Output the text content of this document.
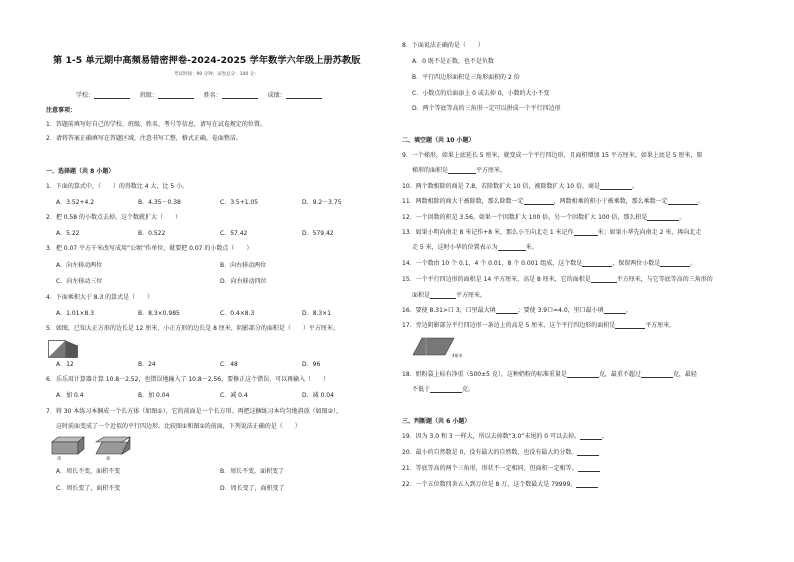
第 1-5 单元期中高频易错密押卷-2024-2025 学年数学六年级上册苏教版
考试时间：90 分钟；试卷总分：100 分；
学校：	班级：	姓名：	成绩：
注意事项：
1．答题前填写好自己的学校、班级、姓名、考号等信息，请写在试卷规定的位置。
2．请将答案正确填写在答题区域，注意书写工整，格式正确，卷面整洁。
一、选择题（共 8 小题）
1．下面的算式中，（　　）的得数比 4 大，比 5 小。
A．3.52+4.2	B．4.35－0.38	C．3.5+1.05	D．9.2－3.75
2．把 0.58 的小数点去掉，这个数就扩大（　　）
A．5.22	B．0.522	C．57.42	D．579.42
3．把 0.07 平方千米改写成用“公顷”作单位，就要把 0.07 的小数点（　　）
A．向左移动两位	B．向右移动两位
C．向左移动三位	D．向右移动四位
4．下面乘积大于 8.3 的算式是（　　）
A．1.01×8.3	B．8.3×0.985	C．0.4×8.3	D．8.3×1
5．如图，已知大正方形的边长是 12 厘米，小正方形的边长是 8 厘米，阴影部分的面积是（　　）平方厘米。
A．12	B．24	C．48	D．96
6．乐乐用计算器计算 10.8－2.52，也错误地输入了 10.8－2.56，要修正这个错误，可以再输入（　　）
A．加 0.4	B．加 0.04	C．减 0.4	D．减 0.04
7．将 30 本练习本捆成一个长方体（如图①），它的前面是一个长方形。再把这捆练习本均匀地斜放（如图②），
这时前面变成了一个近似的平行四边形。比较图①和图②的前面，下列说法正确的是（　　）
①	②
A．周长不变，面积不变	B．周长不变，面积变了
C．周长变了，面积不变	D．周长变了，面积变了
8．下面说法正确的是（　　）
A．0 既不是正数，也不是负数
B．平行四边形面积是三角形面积的 2 倍
C．小数点的后面添上 0 或去掉 0，小数的大小不变
D．两个等底等高的三角形一定可以拼成一个平行四边形
二、填空题（共 10 小题）
9．一个梯形，如果上底延长 5 厘米，就变成一个平行四边形，且面积增加 15 平方厘米，如果上底是 5 厘米，原
梯形的面积是	平方厘米。
10．两个数相除的商是 7.8，若除数扩大 10 倍，被除数扩大 10 倍，商是	。
11．两数相除的商大于被除数，那么除数一定	，两数相乘的积小于被乘数，那么乘数一定	。
12．一个因数的积是 3.56，如果一个因数扩大 100 倍，另一个因数扩大 100 倍，那么积是	。
13．如果小明向南走 8 米记作+8 米，那么小王向北走 1 米记作	米；如果小华先向南走 2 米，再向北走
走 5 米，这时小华的位置表示为	米。
14．一个数由 10 个 0.1，4 个 0.01，8 个 0.001 组成，这个数是	，保留两位小数是	。
15．一个平行四边形的面积是 14 平方厘米，高是 8 厘米，它的面积是	平方厘米，与它等底等高的三角形的
面积是	平方厘米。
16．要使 8.31>口 3，口里最大填	；要使 3.9口≈4.0，里口最小填	。
17．旁边阴影部分平行四边形一条边上的高是 5 厘米，这个平行四边形的面积是	平方厘米。
4厘米
18．奶粉袋上标有净重（500±5 克），这种奶粉的标准重量是	克，最重不超过	克，最轻
不低于	克。
三、判断题（共 6 小题）
19．因为 3.0 和 3 一样大，所以去掉数“3.0”末尾的 0 可以去掉。	。
20．最小的自然数是 0，没有最大的自然数，也没有最大的分数。
21．等底等高的两个三角形，形状不一定相同，但面积一定相等。
22．一个五位数四舍五入到万位是 8 万，这个数最大是 79999。
